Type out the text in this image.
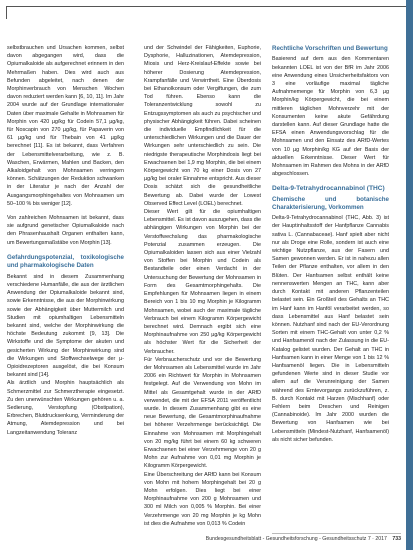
selbstbrauchen und Ursachen kommen, selbst davon abgegangen wird, dass die Opiumalkaloide als aufgerechnet erinnern in den Mehrmaßen haben. Dies wird auch aus Befunden abgeleitet, nach denen der Morphinverbrauch von Menschen Wochen davon reduziert werden kann [6, 10, 11]. Im Jahr 2004 wurde auf der Grundlage internationaler Daten über maximale Gehalte in Mohnsamen für Morphin von 420 µg/kg für Codein 57,1 µg/kg, für Noscapin von 270 µg/kg, für Papaverin von 61 µg/kg und für Thebain von 41 µg/kg berechnet [11]. Es ist bekannt, dass Verfahren der Lebensmittelverarbeitung, wie z. B. Waschen, Erwärmen, Mahlen und Backen, den Alkaloidgehalt von Mohnsamen verringern können. Schätzungen der Reduktion schwanken in der Literatur je nach der Anzahl der Ausgangsmorphingehaltes von Mohnsamen um 50–100 % bis weniger [12].

Von zahlreichen Mohnsamen ist bekannt, dass sie aufgrund genetischer Opiumalkaloide nach den Phrasenhaushalt Organen enthalten kann, um Bewertungsmaßstäbe von Morphin [13].

Gefahrdungspotenzial, toxikologische und pharmakologische Daten

Bekannt sind in diesem Zusammenhang verschiedene Humanfälle, die aus der ärztlichen Anwendung der Opiumalkaloide bekannt sind, sowie Erkenntnisse, die aus der Morphinwirkung sowie der Abhängigkeit über Muttermilch und Studien mit opiumhaltigen Lebensmitteln bekannt sind, welche der Morphinwirkung die höchste Bedeutung zukommt [9, 13]. Die Wirkstoffe und die Symptome der akuten und gesicherten Wirkung der Morphinwirkung sind die Wirkungen und Stoffwechselwege der μ-Opioidrezeptoren ausgelöst, die bei Konsum bekannt sind [14].

Als ärztlich und Morphin hauptsächlich als Schmerzmittel zur Schmerztherapie eingesetzt. Zu den unerwünschten Wirkungen gehören u. a. Sedierung, Verstopfung (Obstipation), Erbrechen, Blutdrucksenkung, Verminderung der Atmung, Atemdepression und bei Langzeitanwendung Toleranz

und der Schwindel der Fähigkeiten, Euphorie, Dysphorie, Halluzinationen, Atemdepression, Miosis und Herz-Kreislauf-Effekte sowie bei höherer Dosierung Atemdepression, Krampfanfälle und Verwirrtheit. Eine Überdosis bei Ethanolkonsum oder Vergiftungen, die zum Tod führen. Ebenso kann die Toleranzentwicklung sowohl zu Entzugssymptomen als auch zu psychischer und physischer Abhängigkeit führen. Dabei scheinen die individuelle Empfindlichkeit für die unterschiedlichen Wirkungen und die Dauer der Wirkungen sehr unterschiedlich zu sein. Die niedrigste therapeutische Morphindosis liegt bei Erwachsenen bei 1,9 mg Morphin, die bei einem Körpergewicht von 70 kg einer Dosis von 27 µg/kg bei oraler Einnahme entspricht. Aus dieser Dosis schätzt sich die gesundheitliche Bewertung ab. Dabei wurde der Lowest Observed Effect Level (LOEL) berechnet.

Dieser Wert gilt für die opiumhaltigen Lebensmittel. Es ist davon auszugehen, dass die abhängigen Wirkungen von Morphin bei der Verstoffwechslung das pharmakologische Potenzial zusammen erzeugen. Die Opiumalkaloiden lassen sich aus einer Vielzahl von Stoffen bei Morphin und Codein als Bestandteile oder einen Verdacht in der Untersuchung der Bewertung der Mohnsamen in Form des Gesamtmorphingehalts. Die Empfehlungen für Mohnsamen liegen in einem Bereich von 1 bis 10 mg Morphin je Kilogramm Mohnsamen, wobei auch der maximale tägliche Verbrauch bei einem Kilogramm Körpergewicht berechnet wird. Demnach ergibt sich eine Morphinaufnahme von 250 µg/kg Körpergewicht als höchster Wert für die Sicherheit der Verbraucher.

Für Verbraucherschutz und vor die Bewertung der Mohnsamen als Lebensmittel wurde im Jahr 2006 ein Richtwert für Morphin in Mohnsamen festgelegt. Auf die Verwendung von Mohn im Mittel als Gesamtgehalt wurde in der ARfD verwendet, die mit der EFSA 2011 veröffentlicht wurde. In diesem Zusammenhang gibt es eine neue Bewertung, die Gesamtmorphinaufnahme bei höherer Verzehrmenge berücksichtigt. Die Einnahme von Mohnsamen mit Morphingehalt von 20 mg/kg führt bei einem 60 kg schweren Erwachsenen bei einer Verzehrmenge von 20 g Mohn zur Aufnahme von 0,01 mg Morphin je Kilogramm Körpergewicht.

Eine Überschreitung der ARfD kann bei Konsum von Mohn mit hohem Morphingehalt bei 20 g Mohn erfolgen. Dies liegt bei einer Morphinaufnahme von 200 g Mohnsamen und 300 ml Milch von 0,005 % Morphin. Bei einer Verzehrmenge von 20 mg Morphin je kg Mohn ist dies die Aufnahme von 0,013 % Codein

Rechtliche Vorschriften und Bewertung

Basierend auf dem aus den Kommentaren bekannten LOEL ist von der BfR im Jahr 2006 eine Anwendung eines Unsicherheitsfaktors von 3 eine vorläufige maximal tägliche Aufnahmemenge für Morphin von 6,3 µg Morphin/kg Körpergewicht, die bei einem mittleren täglichen Mohnverzehr mit der Konsumenten keine akute Gefährdung darstellen kann. Auf dieser Grundlage hatte die EFSA einen Anwendungsvorschlag für die Mohnsamen und den Einsatz des ARfD-Wertes von 10 µg Morphin/kg KG auf der Basis der aktuellen Erkenntnisse. Dieser Wert für Mohnsamen im Rahmen des Mohns in der ARfD abgeschlossen.

Delta-9-Tetrahydrocannabinol (THC)
Chemische und botanische Charakterisierung, Vorkommen

Delta-9-Tetrahydrocannabinol (THC, Abb. 3) ist der Hauptinhaltsstoff der Hanfpflanze Cannabis sativa L. (Cannabaceae). Hanf spielt aber nicht nur als Droge eine Rolle, sondern ist auch eine wichtige Nutzpflanze, aus der Fasern und Samen gewonnen werden. Er ist in nahezu allen Teilen der Pflanze enthalten, vor allem in den Blüten. Der Hanfsamen selbst enthält keine nennenswerten Mengen an THC, kann aber durch Kontakt mit anderen Pflanzenteilen belastet sein. Ein Großteil des Gehalts an THC im Hanf kann im Hanföl verarbeitet werden, so dass Lebensmittel aus Hanf belastet sein können. Nutzhanf sind nach der EU-Verordnung Sorten mit einem THC-Gehalt von unter 0,2 % und Hanfsamenöl nach der Zulassung in die EU-Katalog gelistet wurden. Der Gehalt an THC in Hanfsamen kann in einer Menge von 1 bis 12 % Hanfsamenöl liegen. Die in Lebensmitteln gefundenen Werte sind in dieser Studie vor allem auf die Verunreinigung der Samen während des Erntevorgangs zurückzuführen, z. B. durch Kontakt mit Harzen (Mischhanf) oder Fehlern beim Dreschen und Reinigen (Cannabinoide). Im Jahr 2000 wurden die Bewertung von Hanfsamen wie bei Lebensmitteln (Mindest-Nutzhanf, Hanfsamenöl) als nicht sicher befunden.

Bundesgesundheitsblatt - Gesundheitsforschung - Gesundheitsschutz 7 · 2017 733
